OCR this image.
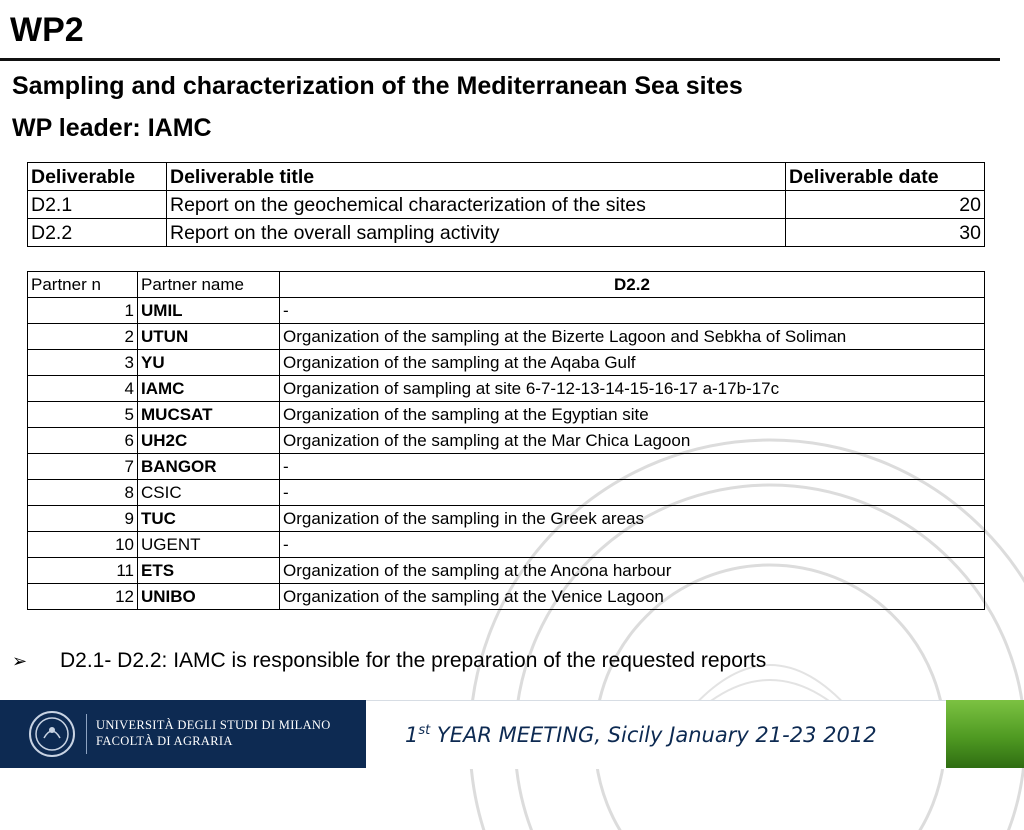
WP2
Sampling and characterization of the Mediterranean Sea sites
WP leader: IAMC
Deliverable	Deliverable title	Deliverable date
D2.1	Report on the geochemical characterization of the sites	20
D2.2	Report on the overall sampling activity	30
Partner n	Partner name	D2.2
1	UMIL	-
2	UTUN	Organization of the sampling at the Bizerte Lagoon and Sebkha of Soliman
3	YU	Organization of the sampling at the Aqaba Gulf
4	IAMC	Organization of sampling at site 6-7-12-13-14-15-16-17 a-17b-17c
5	MUCSAT	Organization of the sampling at the Egyptian site
6	UH2C	Organization of the sampling at the Mar Chica Lagoon
7	BANGOR	-
8	CSIC	-
9	TUC	Organization of the sampling in the Greek areas
10	UGENT	-
11	ETS	Organization of the sampling at the Ancona harbour
12	UNIBO	Organization of the sampling at the Venice Lagoon
➢ D2.1- D2.2: IAMC is responsible for the preparation of the requested reports
UNIVERSITÀ DEGLI STUDI DI MILANO
FACOLTÀ DI AGRARIA	1st YEAR MEETING, Sicily January 21-23 2012
